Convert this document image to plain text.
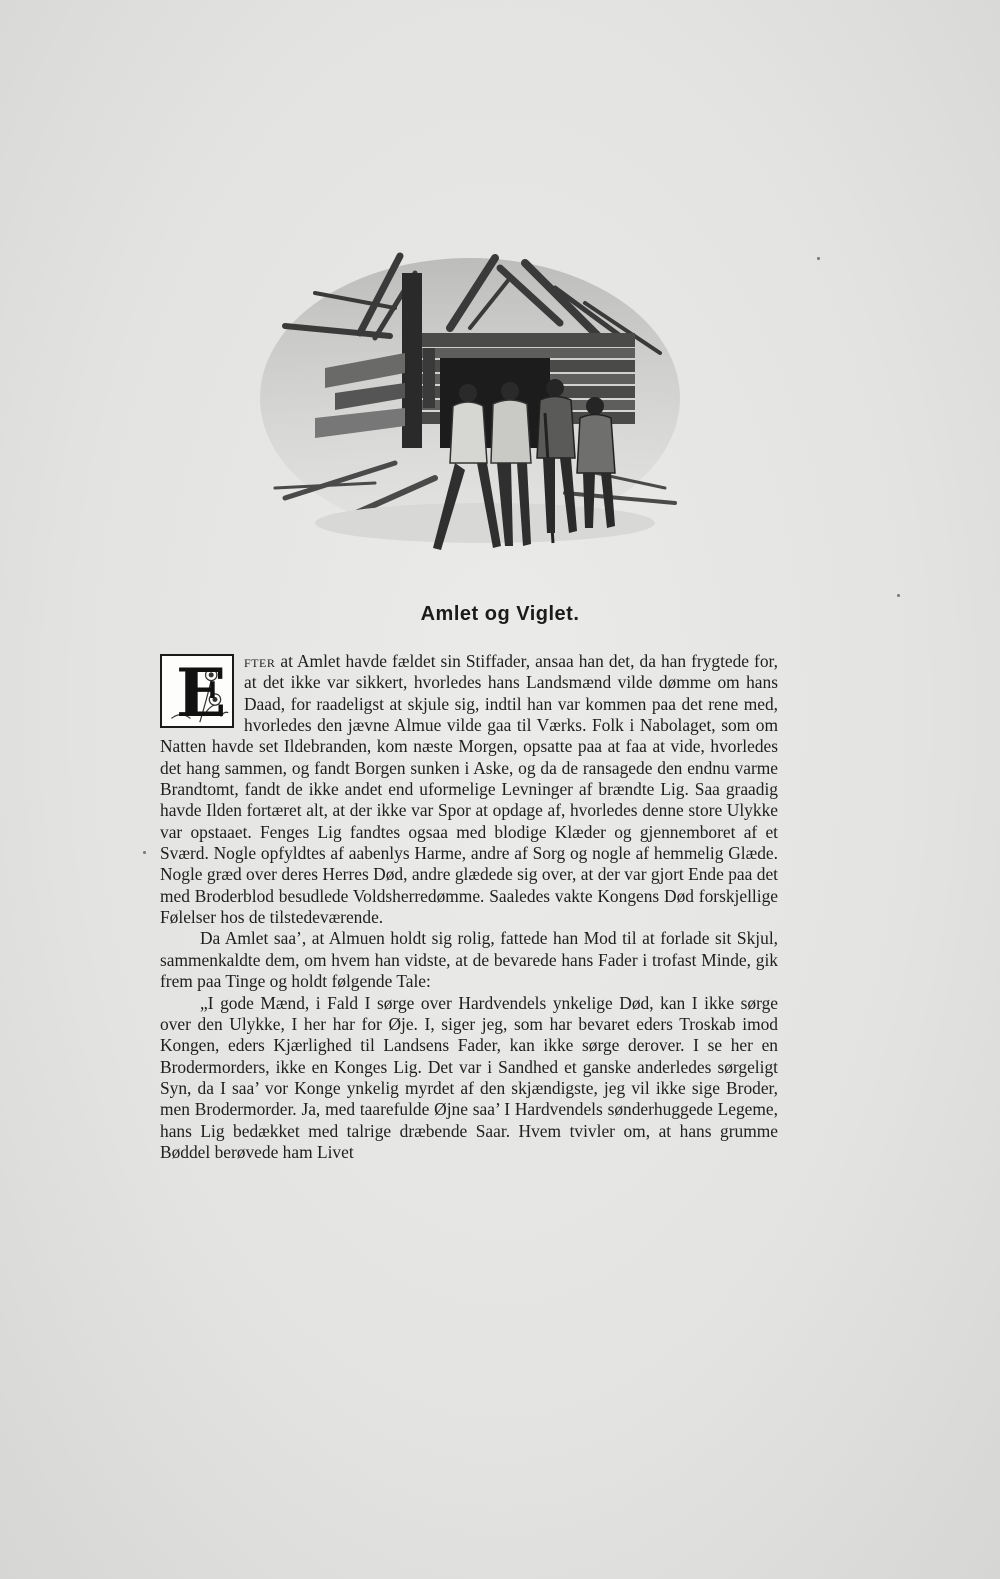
Amlet og Viglet.

E fter at Amlet havde fældet sin Stiffader, ansaa han det, da han frygtede for, at det ikke var sikkert, hvorledes hans Landsmænd vilde dømme om hans Daad, for raadeligst at skjule sig, indtil han var kommen paa det rene med, hvorledes den jævne Almue vilde gaa til Værks. Folk i Nabolaget, som om Natten havde set Ildebranden, kom næste Morgen, opsatte paa at faa at vide, hvorledes det hang sammen, og fandt Borgen sunken i Aske, og da de ransagede den endnu varme Brandtomt, fandt de ikke andet end uformelige Levninger af brændte Lig. Saa graadig havde Ilden fortæret alt, at der ikke var Spor at opdage af, hvorledes denne store Ulykke var opstaaet. Fenges Lig fandtes ogsaa med blodige Klæder og gjennemboret af et Sværd. Nogle opfyldtes af aabenlys Harme, andre af Sorg og nogle af hemmelig Glæde. Nogle græd over deres Herres Død, andre glædede sig over, at der var gjort Ende paa det med Broderblod besudlede Voldsherredømme. Saaledes vakte Kongens Død forskjellige Følelser hos de tilstedeværende.

Da Amlet saa’, at Almuen holdt sig rolig, fattede han Mod til at forlade sit Skjul, sammenkaldte dem, om hvem han vidste, at de bevarede hans Fader i trofast Minde, gik frem paa Tinge og holdt følgende Tale:

„I gode Mænd, i Fald I sørge over Hardvendels ynkelige Død, kan I ikke sørge over den Ulykke, I her har for Øje. I, siger jeg, som har bevaret eders Troskab imod Kongen, eders Kjærlighed til Landsens Fader, kan ikke sørge derover. I se her en Brodermorders, ikke en Konges Lig. Det var i Sandhed et ganske anderledes sørgeligt Syn, da I saa’ vor Konge ynkelig myrdet af den skjændigste, jeg vil ikke sige Broder, men Brodermorder. Ja, med taarefulde Øjne saa’ I Hardvendels sønderhuggede Legeme, hans Lig bedækket med talrige dræbende Saar. Hvem tvivler om, at hans grumme Bøddel berøvede ham Livet
